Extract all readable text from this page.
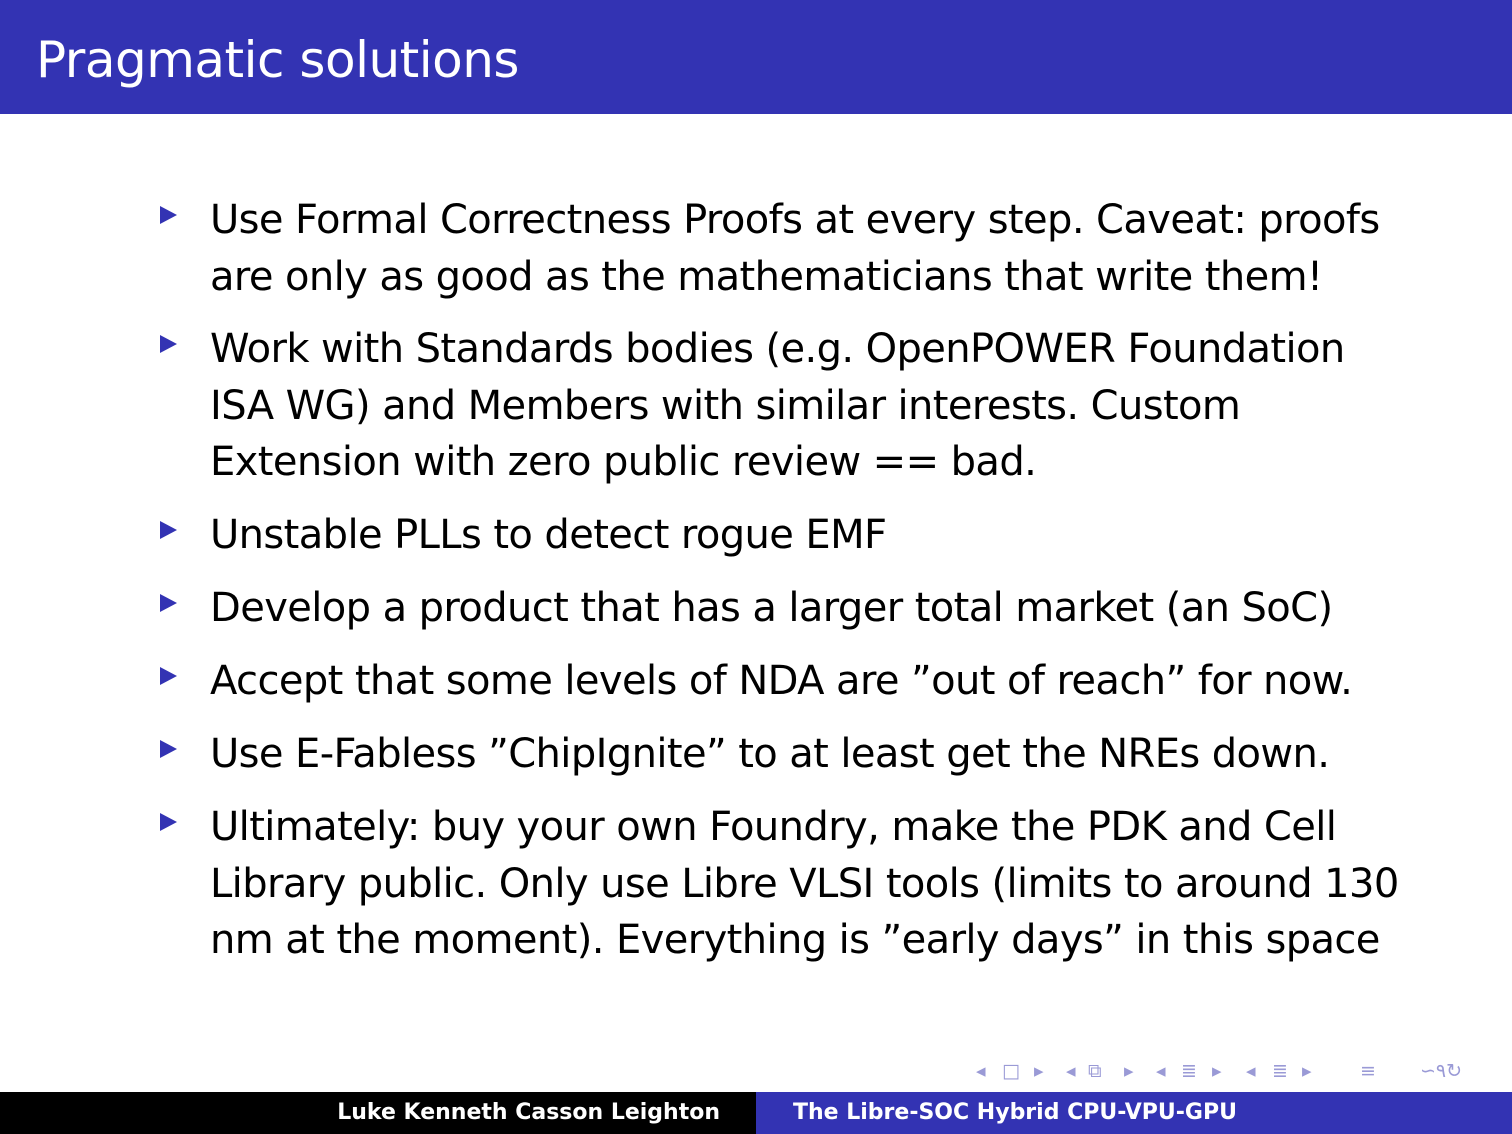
Pragmatic solutions
Use Formal Correctness Proofs at every step. Caveat: proofs
are only as good as the mathematicians that write them!
Work with Standards bodies (e.g. OpenPOWER Foundation
ISA WG) and Members with similar interests. Custom
Extension with zero public review == bad.
Unstable PLLs to detect rogue EMF
Develop a product that has a larger total market (an SoC)
Accept that some levels of NDA are ”out of reach” for now.
Use E-Fabless ”ChipIgnite” to at least get the NREs down.
Ultimately: buy your own Foundry, make the PDK and Cell
Library public. Only use Libre VLSI tools (limits to around 130
nm at the moment). Everything is ”early days” in this space
◂ □ ▸ ◂ ⧉ ▸ ◂ ≣ ▸ ◂ ≣ ▸	≡ ∽۹↻
Luke Kenneth Casson Leighton	The Libre-SOC Hybrid CPU-VPU-GPU
